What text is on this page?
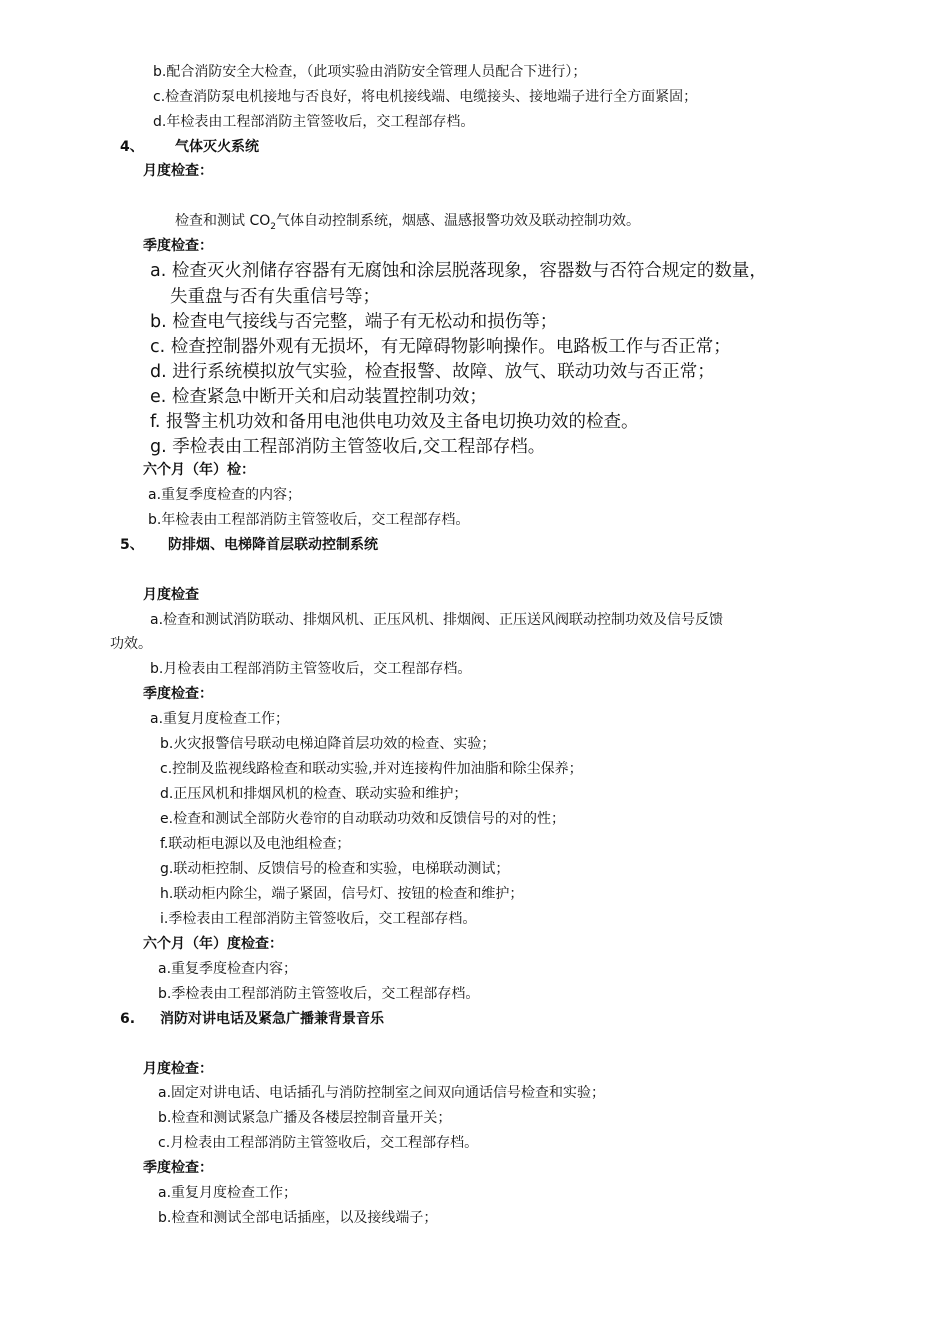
b.配合消防安全大检查，（此项实验由消防安全管理人员配合下进行）；
c.检查消防泵电机接地与否良好，将电机接线端、电缆接头、接地端子进行全方面紧固；
d.年检表由工程部消防主管签收后，交工程部存档。
4、 气体灭火系统
月度检查：
检查和测试 $CO_2$气体自动控制系统，烟感、温感报警功效及联动控制功效。
季度检查：
a. 检查灭火剂储存容器有无腐蚀和涂层脱落现象，容器数与否符合规定的数量，
失重盘与否有失重信号等；
b. 检查电气接线与否完整，端子有无松动和损伤等；
c. 检查控制器外观有无损坏，有无障碍物影响操作。电路板工作与否正常；
d. 进行系统模拟放气实验，检查报警、故障、放气、联动功效与否正常；
e. 检查紧急中断开关和启动装置控制功效；
f. 报警主机功效和备用电池供电功效及主备电切换功效的检查。
g. 季检表由工程部消防主管签收后,交工程部存档。
六个月（年）检：
a.重复季度检查的内容；
b.年检表由工程部消防主管签收后，交工程部存档。
5、 防排烟、电梯降首层联动控制系统
月度检查
a.检查和测试消防联动、排烟风机、正压风机、排烟阀、正压送风阀联动控制功效及信号反馈
功效。
b.月检表由工程部消防主管签收后，交工程部存档。
季度检查：
a.重复月度检查工作；
b.火灾报警信号联动电梯迫降首层功效的检查、实验；
c.控制及监视线路检查和联动实验,并对连接构件加油脂和除尘保养；
d.正压风机和排烟风机的检查、联动实验和维护；
e.检查和测试全部防火卷帘的自动联动功效和反馈信号的对的性；
f.联动柜电源以及电池组检查；
g.联动柜控制、反馈信号的检查和实验，电梯联动测试；
h.联动柜内除尘，端子紧固，信号灯、按钮的检查和维护；
i.季检表由工程部消防主管签收后，交工程部存档。
六个月（年）度检查：
a.重复季度检查内容；
b.季检表由工程部消防主管签收后，交工程部存档。
6. 消防对讲电话及紧急广播兼背景音乐
月度检查：
a.固定对讲电话、电话插孔与消防控制室之间双向通话信号检查和实验；
b.检查和测试紧急广播及各楼层控制音量开关；
c.月检表由工程部消防主管签收后，交工程部存档。
季度检查：
a.重复月度检查工作；
b.检查和测试全部电话插座，以及接线端子；
